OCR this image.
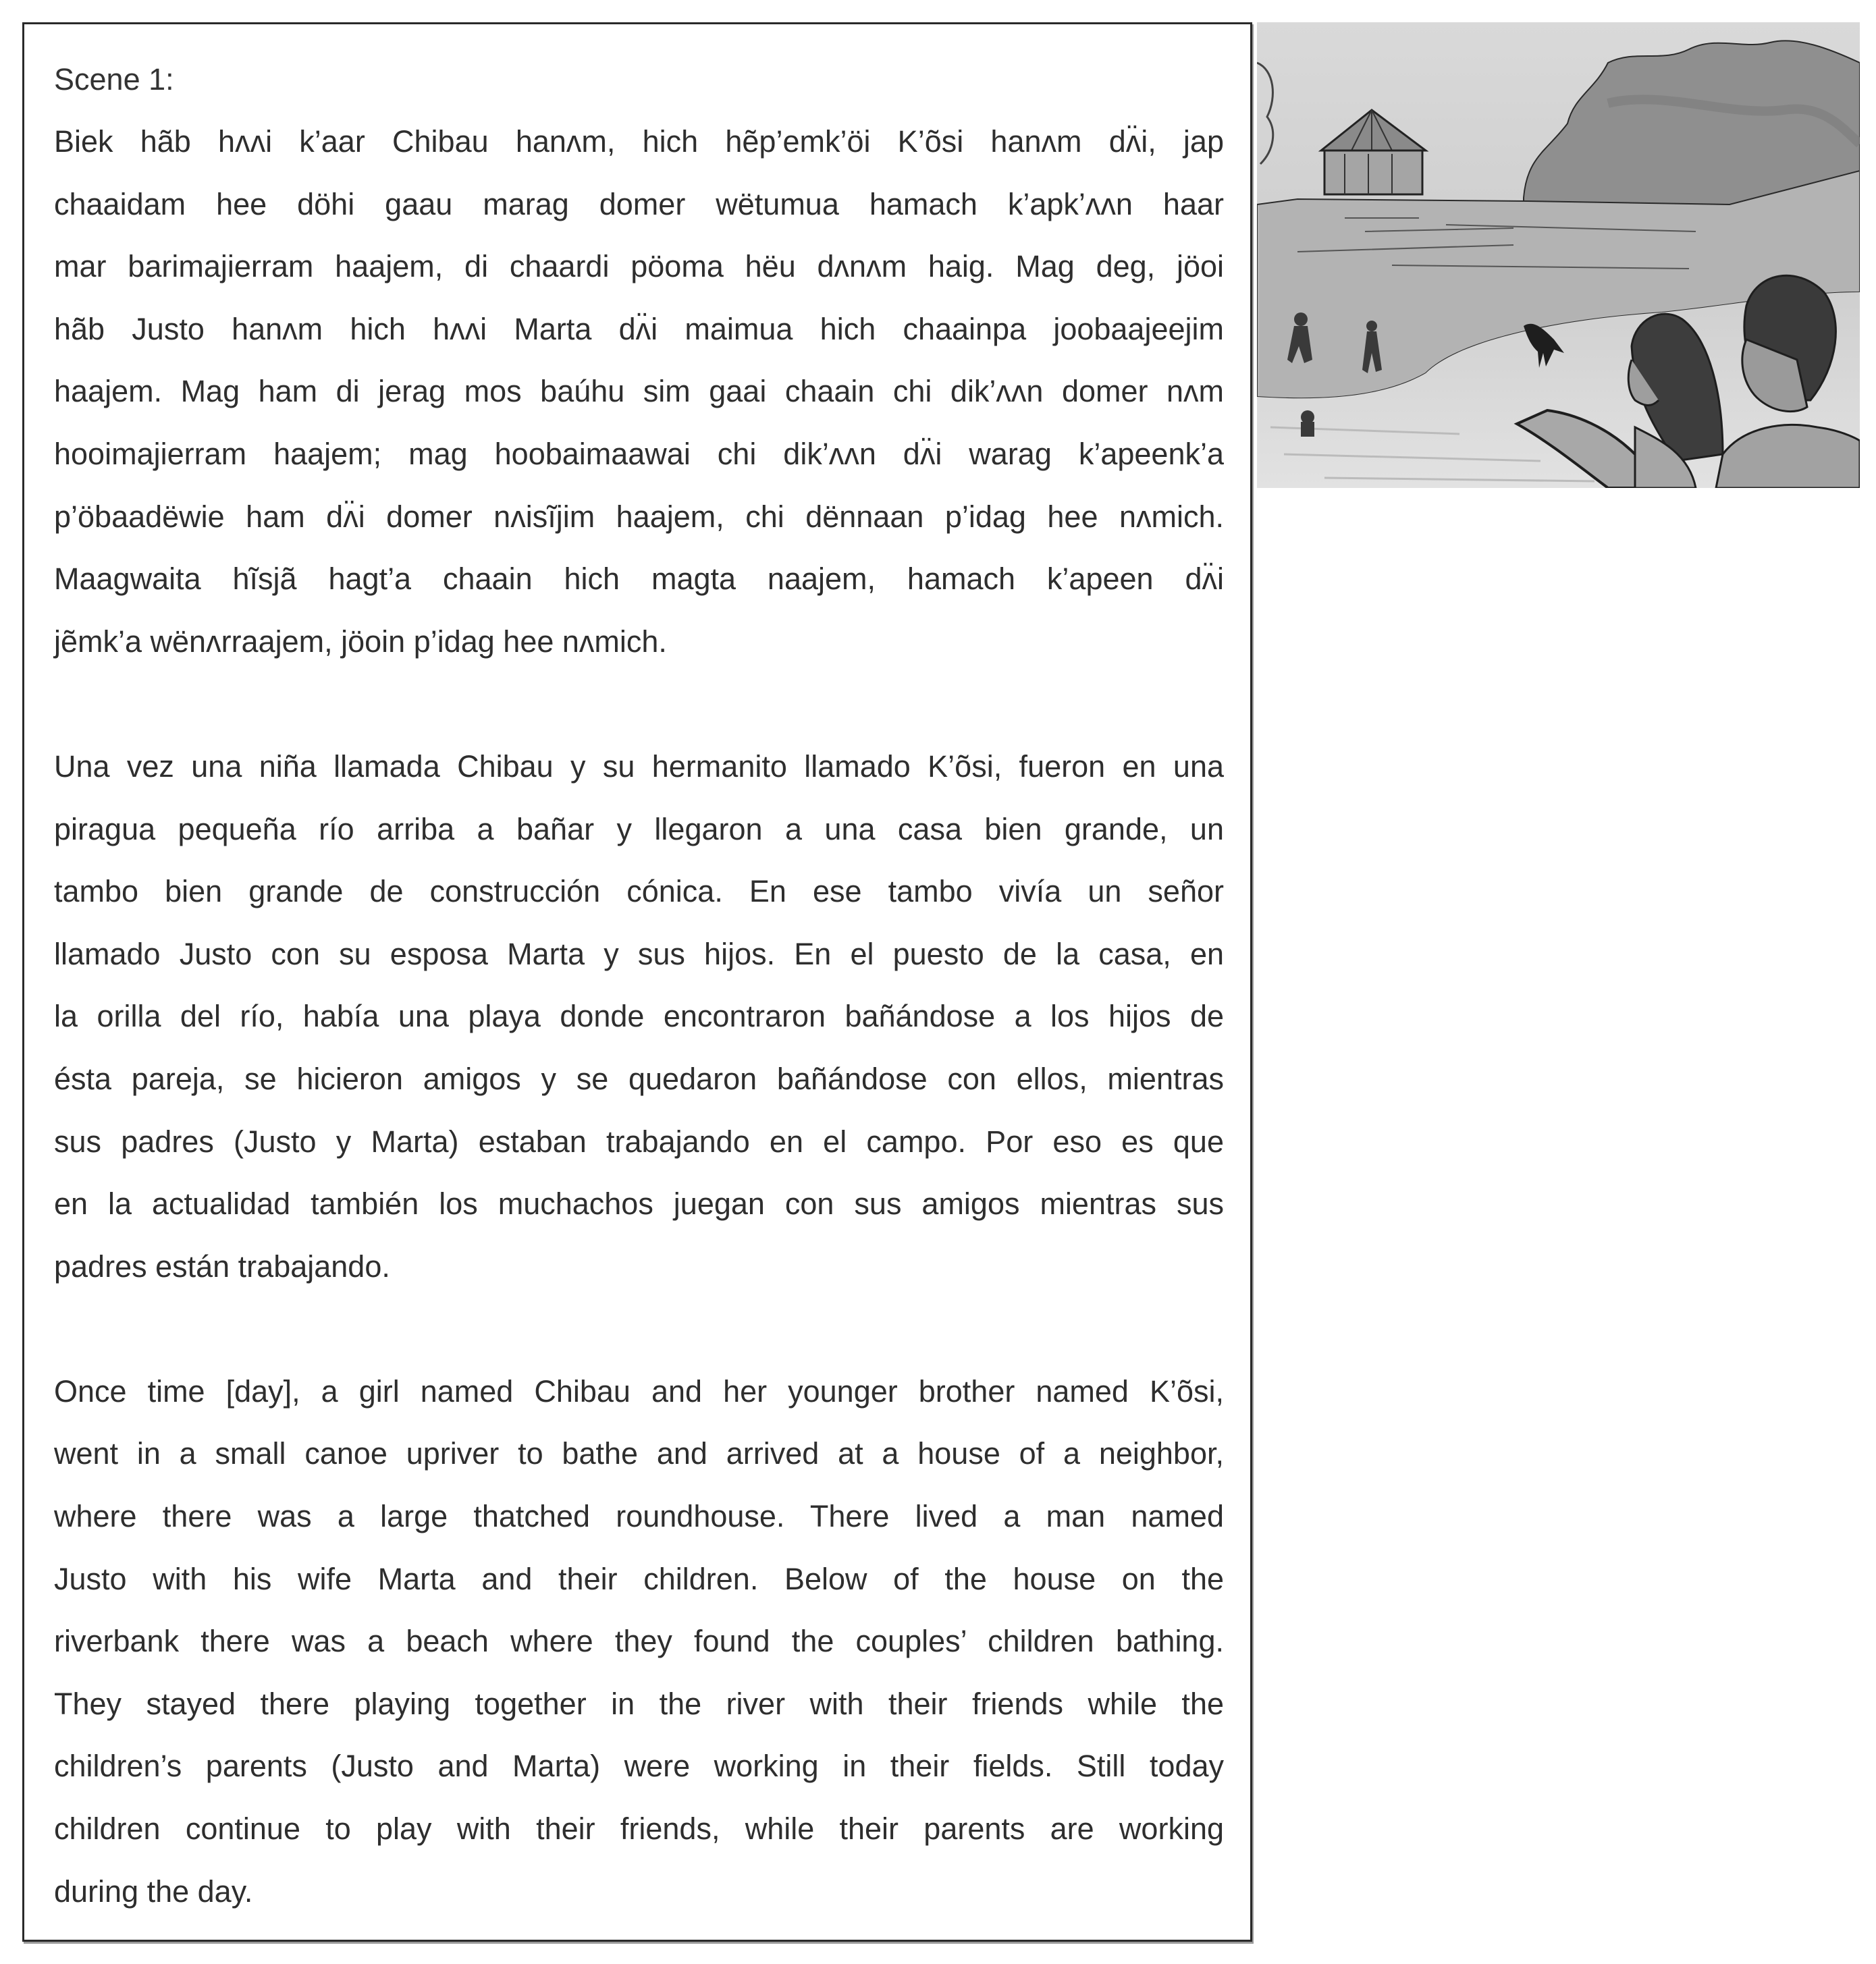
Scene 1:
Biek hãb hʌʌi k’aar Chibau hanʌm, hich hẽp’emk’öi K’õsi hanʌm dʌ̈i, jap
chaaidam hee döhi gaau marag domer wëtumua hamach k’apk’ʌʌn haar
mar barimajierram haajem, di chaardi pöoma hëu dʌnʌm haig. Mag deg, jöoi
hãb Justo hanʌm hich hʌʌi Marta dʌ̈i maimua hich chaainpa joobaajeejim
haajem. Mag ham di jerag mos baúhu sim gaai chaain chi dik’ʌʌn domer nʌm
hooimajierram haajem; mag hoobaimaawai chi dik’ʌʌn dʌ̈i warag k’apeenk’a
p’öbaadëwie ham dʌ̈i domer nʌisĩjim haajem, chi dënnaan p’idag hee nʌmich.
Maagwaita hĩsjã hagt’a chaain hich magta naajem, hamach k’apeen dʌ̈i
jẽmk’a wënʌrraajem, jöoin p’idag hee nʌmich.
Una vez una niña llamada Chibau y su hermanito llamado K’õsi, fueron en una
piragua pequeña río arriba a bañar y llegaron a una casa bien grande, un
tambo bien grande de construcción cónica. En ese tambo vivía un señor
llamado Justo con su esposa Marta y sus hijos. En el puesto de la casa, en
la orilla del río, había una playa donde encontraron bañándose a los hijos de
ésta pareja, se hicieron amigos y se quedaron bañándose con ellos, mientras
sus padres (Justo y Marta) estaban trabajando en el campo. Por eso es que
en la actualidad también los muchachos juegan con sus amigos mientras sus
padres están trabajando.
Once time [day], a girl named Chibau and her younger brother named K’õsi,
went in a small canoe upriver to bathe and arrived at a house of a neighbor,
where there was a large thatched roundhouse. There lived a man named
Justo with his wife Marta and their children. Below of the house on the
riverbank there was a beach where they found the couples’ children bathing.
They stayed there playing together in the river with their friends while the
children’s parents (Justo and Marta) were working in their fields. Still today
children continue to play with their friends, while their parents are working
during the day.
